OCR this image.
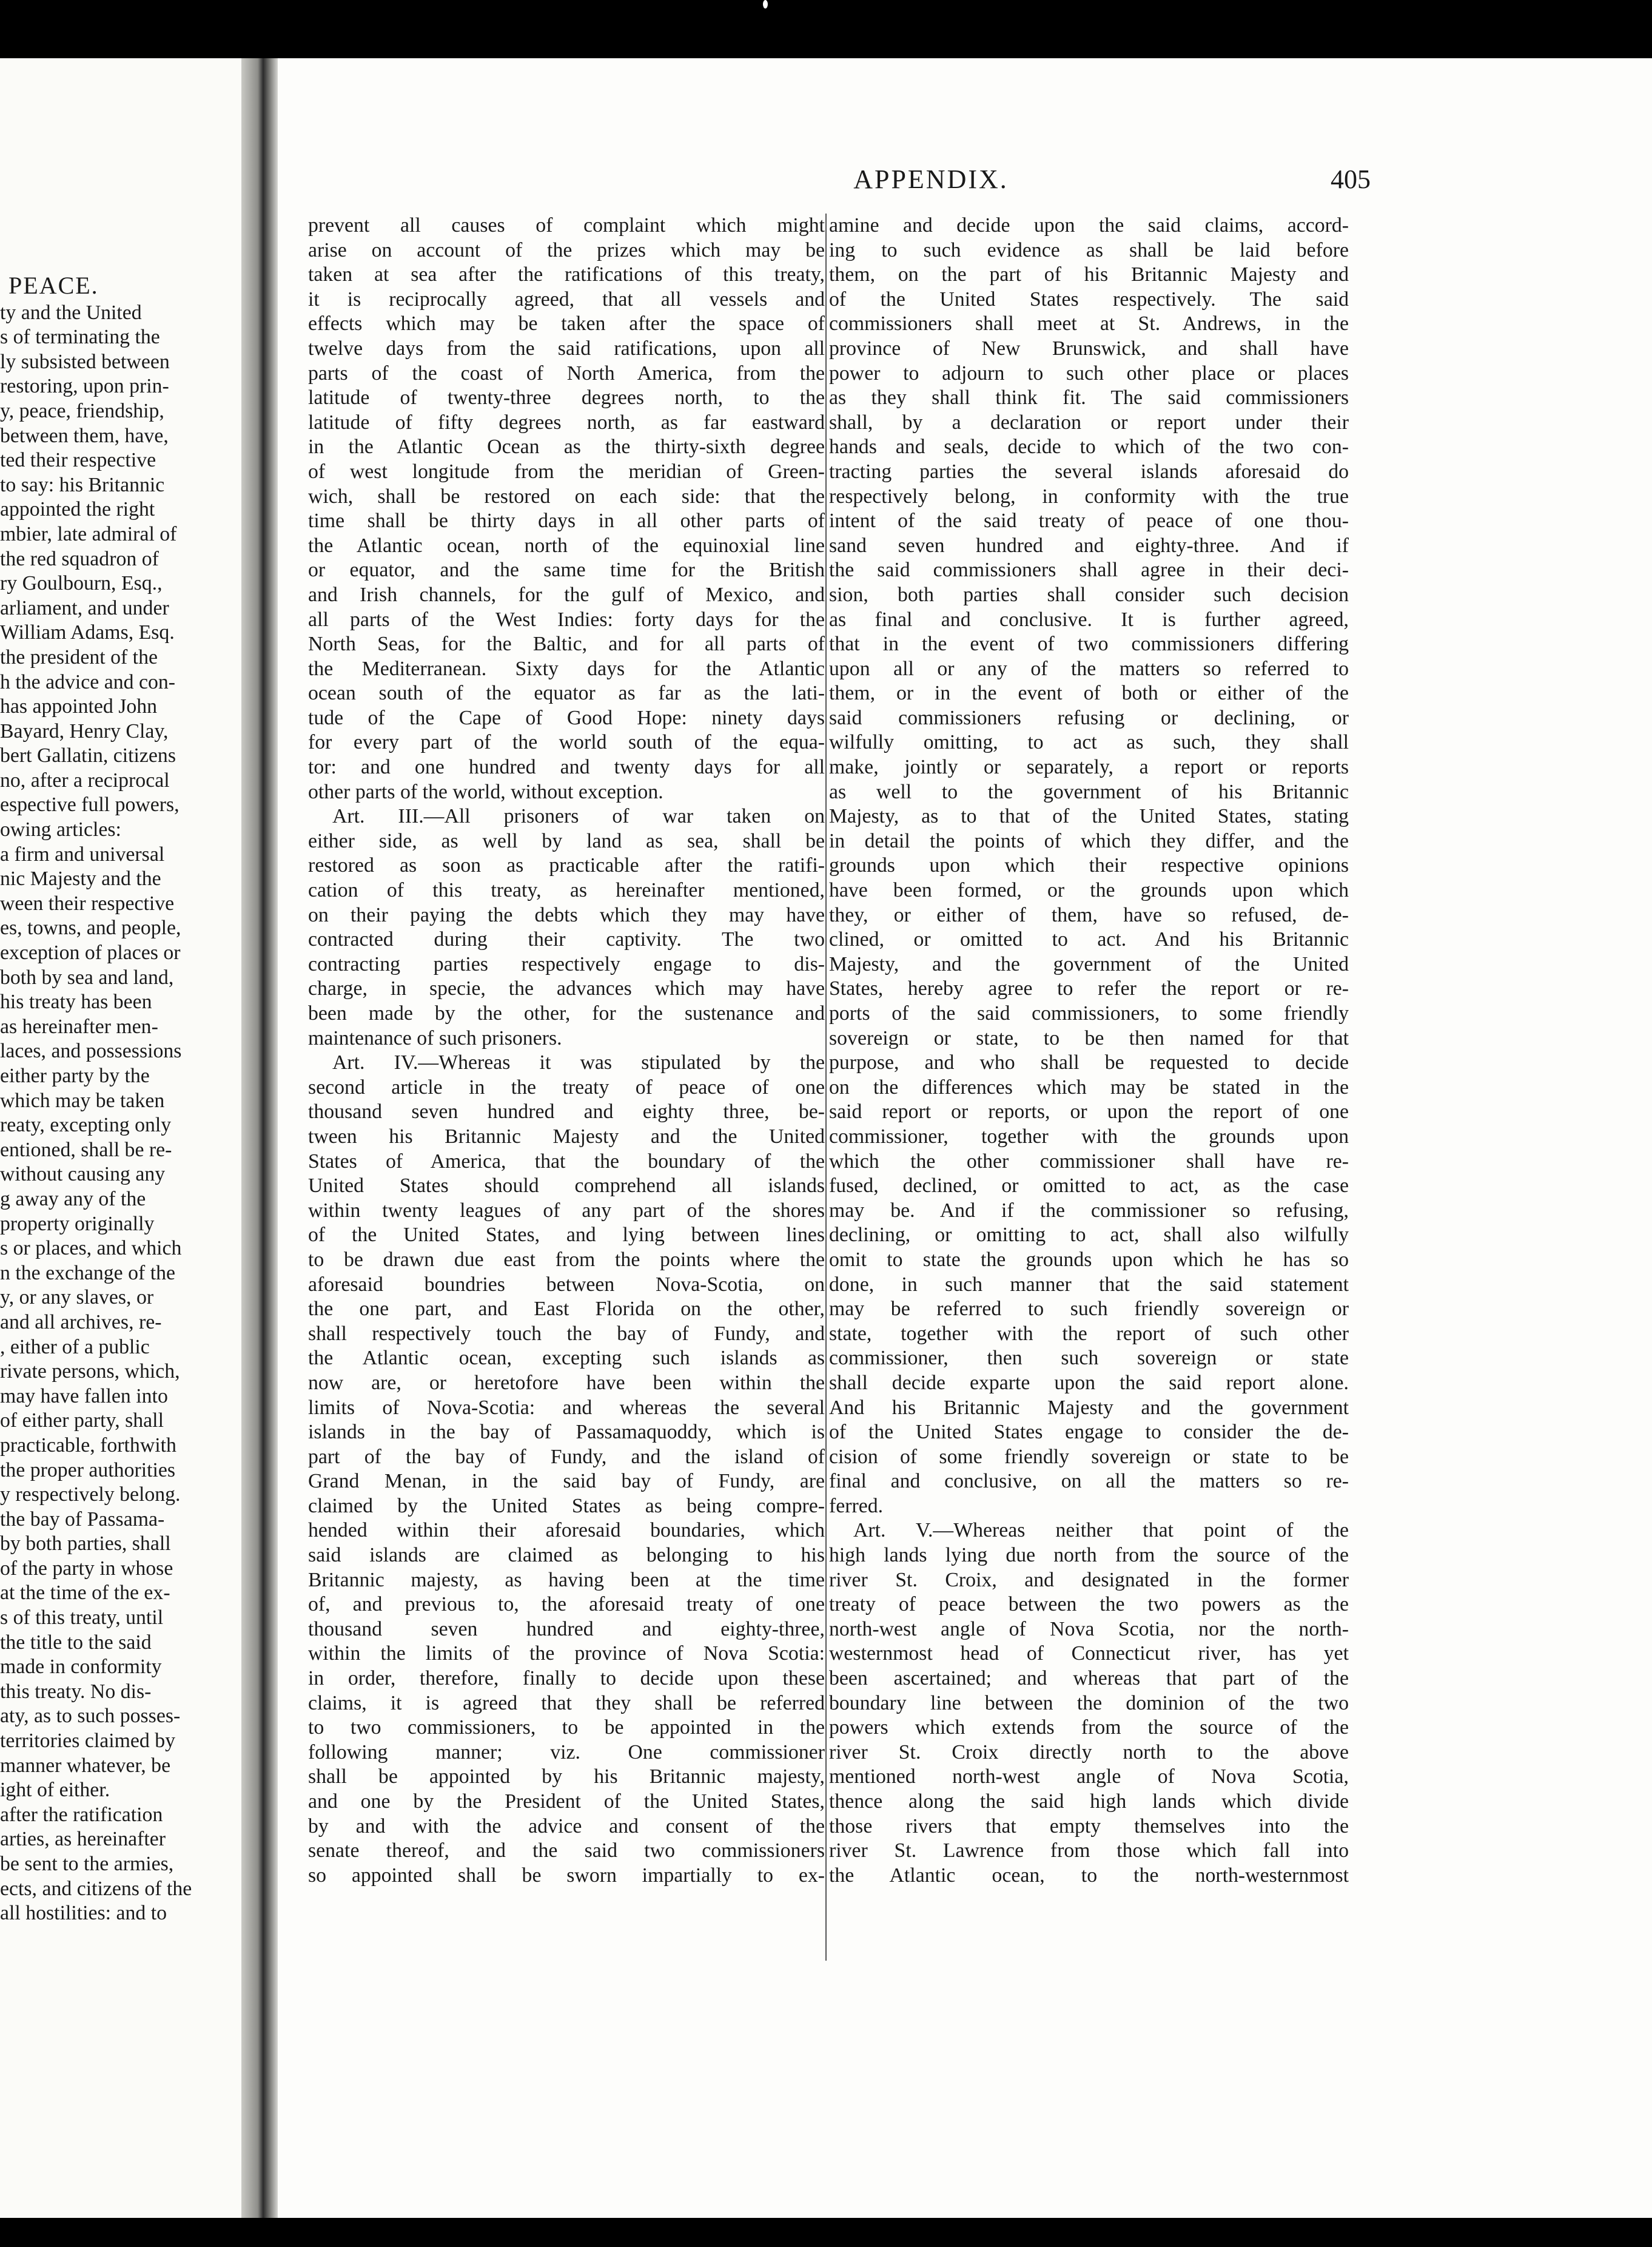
PEACE.
ty and the United
s of terminating the
ly subsisted between
restoring, upon prin-
y, peace, friendship,
between them, have,
ted their respective
to say: his Britannic
appointed the right
mbier, late admiral of
the red squadron of
ry Goulbourn, Esq.,
arliament, and under
William Adams, Esq.
the president of the
h the advice and con-
has appointed John
Bayard, Henry Clay,
bert Gallatin, citizens
no, after a reciprocal
espective full powers,
owing articles:
a firm and universal
nic Majesty and the
ween their respective
es, towns, and people,
exception of places or
both by sea and land,
his treaty has been
as hereinafter men-
laces, and possessions
either party by the
which may be taken
reaty, excepting only
entioned, shall be re-
without causing any
g away any of the
property originally
s or places, and which
n the exchange of the
y, or any slaves, or
and all archives, re-
, either of a public
rivate persons, which,
may have fallen into
of either party, shall
practicable, forthwith
the proper authorities
y respectively belong.
the bay of Passama-
by both parties, shall
of the party in whose
at the time of the ex-
s of this treaty, until
the title to the said
made in conformity
this treaty. No dis-
aty, as to such posses-
territories claimed by
manner whatever, be
ight of either.
after the ratification
arties, as hereinafter
be sent to the armies,
ects, and citizens of the
all hostilities: and to
APPENDIX.	405
prevent all causes of complaint which might
arise on account of the prizes which may be
taken at sea after the ratifications of this treaty,
it is reciprocally agreed, that all vessels and
effects which may be taken after the space of
twelve days from the said ratifications, upon all
parts of the coast of North America, from the
latitude of twenty-three degrees north, to the
latitude of fifty degrees north, as far eastward
in the Atlantic Ocean as the thirty-sixth degree
of west longitude from the meridian of Green-
wich, shall be restored on each side: that the
time shall be thirty days in all other parts of
the Atlantic ocean, north of the equinoxial line
or equator, and the same time for the British
and Irish channels, for the gulf of Mexico, and
all parts of the West Indies: forty days for the
North Seas, for the Baltic, and for all parts of
the Mediterranean. Sixty days for the Atlantic
ocean south of the equator as far as the lati-
tude of the Cape of Good Hope: ninety days
for every part of the world south of the equa-
tor: and one hundred and twenty days for all
other parts of the world, without exception.
Art. III.—All prisoners of war taken on
either side, as well by land as sea, shall be
restored as soon as practicable after the ratifi-
cation of this treaty, as hereinafter mentioned,
on their paying the debts which they may have
contracted during their captivity. The two
contracting parties respectively engage to dis-
charge, in specie, the advances which may have
been made by the other, for the sustenance and
maintenance of such prisoners.
Art. IV.—Whereas it was stipulated by the
second article in the treaty of peace of one
thousand seven hundred and eighty three, be-
tween his Britannic Majesty and the United
States of America, that the boundary of the
United States should comprehend all islands
within twenty leagues of any part of the shores
of the United States, and lying between lines
to be drawn due east from the points where the
aforesaid boundries between Nova-Scotia, on
the one part, and East Florida on the other,
shall respectively touch the bay of Fundy, and
the Atlantic ocean, excepting such islands as
now are, or heretofore have been within the
limits of Nova-Scotia: and whereas the several
islands in the bay of Passamaquoddy, which is
part of the bay of Fundy, and the island of
Grand Menan, in the said bay of Fundy, are
claimed by the United States as being compre-
hended within their aforesaid boundaries, which
said islands are claimed as belonging to his
Britannic majesty, as having been at the time
of, and previous to, the aforesaid treaty of one
thousand seven hundred and eighty-three,
within the limits of the province of Nova Scotia:
in order, therefore, finally to decide upon these
claims, it is agreed that they shall be referred
to two commissioners, to be appointed in the
following manner; viz. One commissioner
shall be appointed by his Britannic majesty,
and one by the President of the United States,
by and with the advice and consent of the
senate thereof, and the said two commissioners
so appointed shall be sworn impartially to ex-
amine and decide upon the said claims, accord-
ing to such evidence as shall be laid before
them, on the part of his Britannic Majesty and
of the United States respectively. The said
commissioners shall meet at St. Andrews, in the
province of New Brunswick, and shall have
power to adjourn to such other place or places
as they shall think fit. The said commissioners
shall, by a declaration or report under their
hands and seals, decide to which of the two con-
tracting parties the several islands aforesaid do
respectively belong, in conformity with the true
intent of the said treaty of peace of one thou-
sand seven hundred and eighty-three. And if
the said commissioners shall agree in their deci-
sion, both parties shall consider such decision
as final and conclusive. It is further agreed,
that in the event of two commissioners differing
upon all or any of the matters so referred to
them, or in the event of both or either of the
said commissioners refusing or declining, or
wilfully omitting, to act as such, they shall
make, jointly or separately, a report or reports
as well to the government of his Britannic
Majesty, as to that of the United States, stating
in detail the points of which they differ, and the
grounds upon which their respective opinions
have been formed, or the grounds upon which
they, or either of them, have so refused, de-
clined, or omitted to act. And his Britannic
Majesty, and the government of the United
States, hereby agree to refer the report or re-
ports of the said commissioners, to some friendly
sovereign or state, to be then named for that
purpose, and who shall be requested to decide
on the differences which may be stated in the
said report or reports, or upon the report of one
commissioner, together with the grounds upon
which the other commissioner shall have re-
fused, declined, or omitted to act, as the case
may be. And if the commissioner so refusing,
declining, or omitting to act, shall also wilfully
omit to state the grounds upon which he has so
done, in such manner that the said statement
may be referred to such friendly sovereign or
state, together with the report of such other
commissioner, then such sovereign or state
shall decide exparte upon the said report alone.
And his Britannic Majesty and the government
of the United States engage to consider the de-
cision of some friendly sovereign or state to be
final and conclusive, on all the matters so re-
ferred.
Art. V.—Whereas neither that point of the
high lands lying due north from the source of the
river St. Croix, and designated in the former
treaty of peace between the two powers as the
north-west angle of Nova Scotia, nor the north-
westernmost head of Connecticut river, has yet
been ascertained; and whereas that part of the
boundary line between the dominion of the two
powers which extends from the source of the
river St. Croix directly north to the above
mentioned north-west angle of Nova Scotia,
thence along the said high lands which divide
those rivers that empty themselves into the
river St. Lawrence from those which fall into
the Atlantic ocean, to the north-westernmost
